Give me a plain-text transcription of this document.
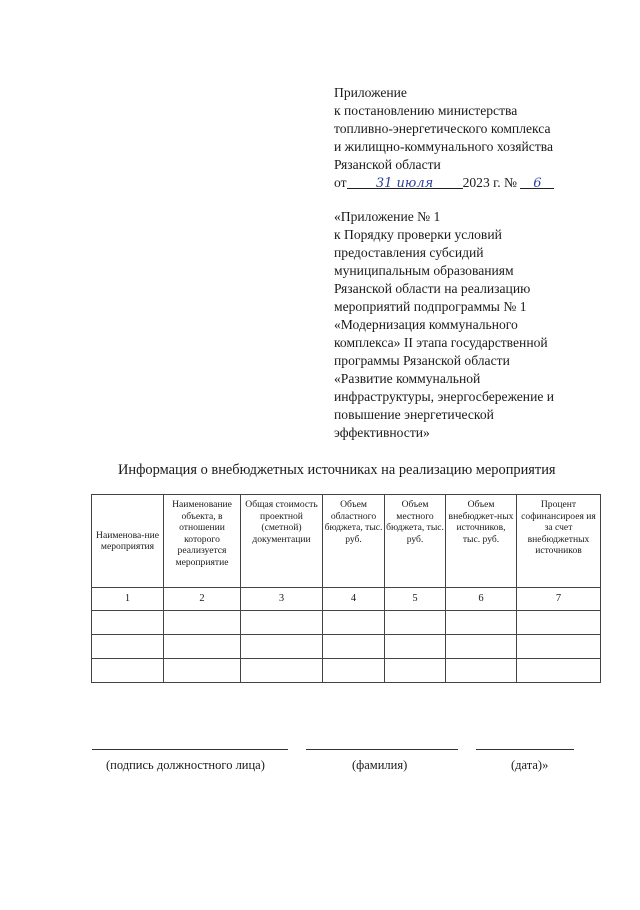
Приложение
к постановлению министерства
топливно-энергетического комплекса
и жилищно-коммунального хозяйства
Рязанской области
от 31 июля 2023 г. № 6
«Приложение № 1
к Порядку проверки условий
предоставления субсидий
муниципальным образованиям
Рязанской области на реализацию
мероприятий подпрограммы № 1
«Модернизация коммунального
комплекса» II этапа государственной
программы Рязанской области
«Развитие коммунальной
инфраструктуры, энергосбережение и
повышение энергетической
эффективности»
Информация о внебюджетных источниках на реализацию мероприятия
Наименова-ние мероприятия	Наименование объекта, в отношении которого реализуется мероприятие	Общая стоимость проектной (сметной) документации	Объем областного бюджета, тыс. руб.	Объем местного бюджета, тыс. руб.	Объем внебюджет-ных источников, тыс. руб.	Процент софинансироея ия за счет внебюджетных источников
1	2	3	4	5	6	7

(подпись должностного лица)	(фамилия)	(дата)»
